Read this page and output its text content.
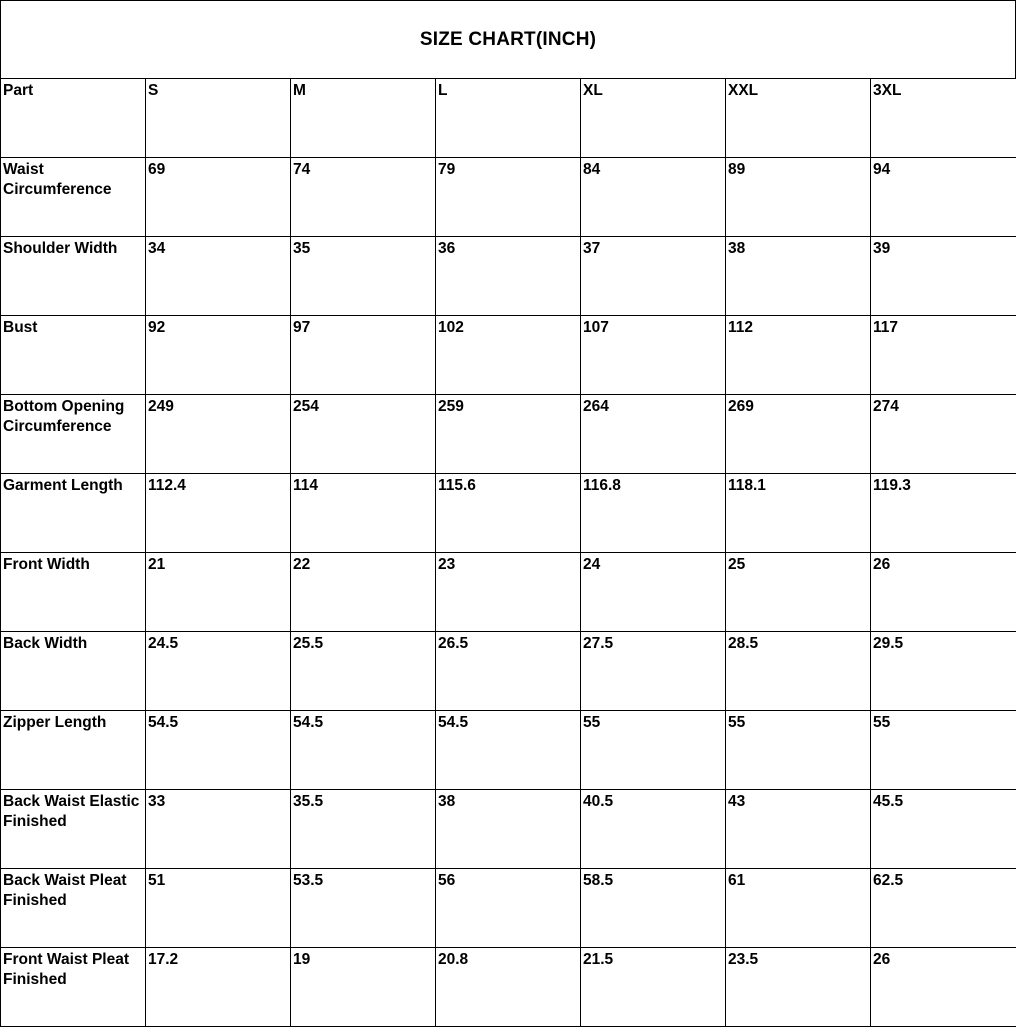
SIZE CHART(INCH)
Part	S	M	L	XL	XXL	3XL
Waist Circumference	69	74	79	84	89	94
Shoulder Width	34	35	36	37	38	39
Bust	92	97	102	107	112	117
Bottom Opening Circumference	249	254	259	264	269	274
Garment Length	112.4	114	115.6	116.8	118.1	119.3
Front Width	21	22	23	24	25	26
Back Width	24.5	25.5	26.5	27.5	28.5	29.5
Zipper Length	54.5	54.5	54.5	55	55	55
Back Waist Elastic Finished	33	35.5	38	40.5	43	45.5
Back Waist Pleat Finished	51	53.5	56	58.5	61	62.5
Front Waist Pleat Finished	17.2	19	20.8	21.5	23.5	26
